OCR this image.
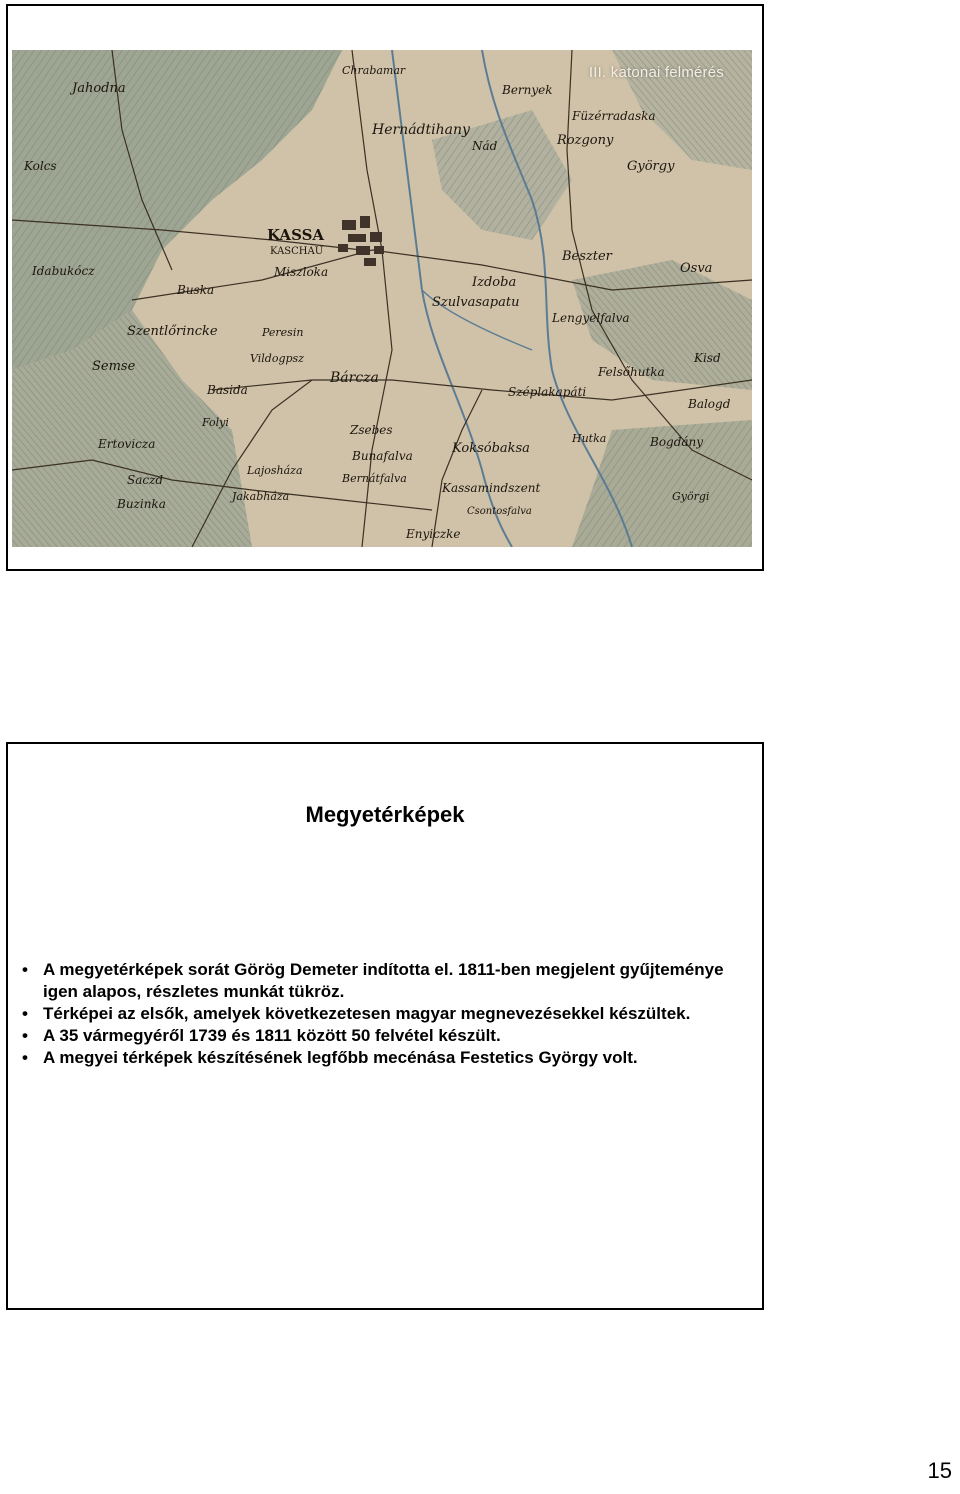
KASSA
KASCHAU
Jahodna
Chrabamar
Hernádtihany
Bernyek
Füzérradaska
Rozgony
György
Kolcs
Nád
Idabukócz
Buska
Szentlőrincke
Miszloka
Izdoba
Szulvasapatu
Semse
Basida
Bárcza
Zsebes
Koksóbaksa
Ertovicza
Saczd
Buzinka
Bunafalva
Kassamindszent
Bernátfalva
Lajosháza
Enyiczke
Beszter
Osva
Lengyelfalva
Felsőhutka
Balogd
Bogdány
Széplakapáti
Kisd
Györgi
Vildogpsz
Peresin
Hutka
Csontosfalva
Jakabháza
Folyi
III. katonai felmérés
Megyetérképek
• A megyetérképek sorát Görög Demeter indította el. 1811-ben megjelent gyűjteménye igen alapos, részletes munkát tükröz.
• Térképei az elsők, amelyek következetesen magyar megnevezésekkel készültek.
• A 35 vármegyéről 1739 és 1811 között 50 felvétel készült.
• A megyei térképek készítésének legfőbb mecénása Festetics György volt.
15
